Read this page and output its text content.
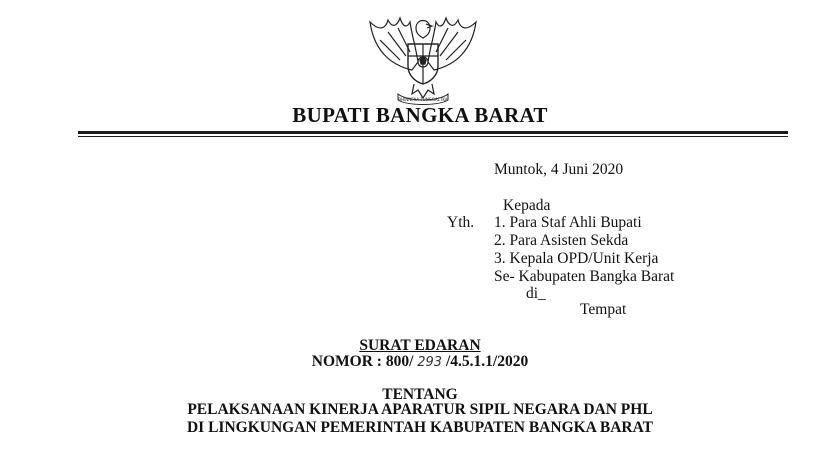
BHINNEKA TUNGGAL IKA
BUPATI BANGKA BARAT
Muntok, 4 Juni 2020
Kepada
Yth. 1. Para Staf Ahli Bupati
2. Para Asisten Sekda
3. Kepala OPD/Unit Kerja
Se- Kabupaten Bangka Barat
di_
Tempat
SURAT EDARAN
NOMOR : 800/ 293 /4.5.1.1/2020
TENTANG
PELAKSANAAN KINERJA APARATUR SIPIL NEGARA DAN PHL
DI LINGKUNGAN PEMERINTAH KABUPATEN BANGKA BARAT
